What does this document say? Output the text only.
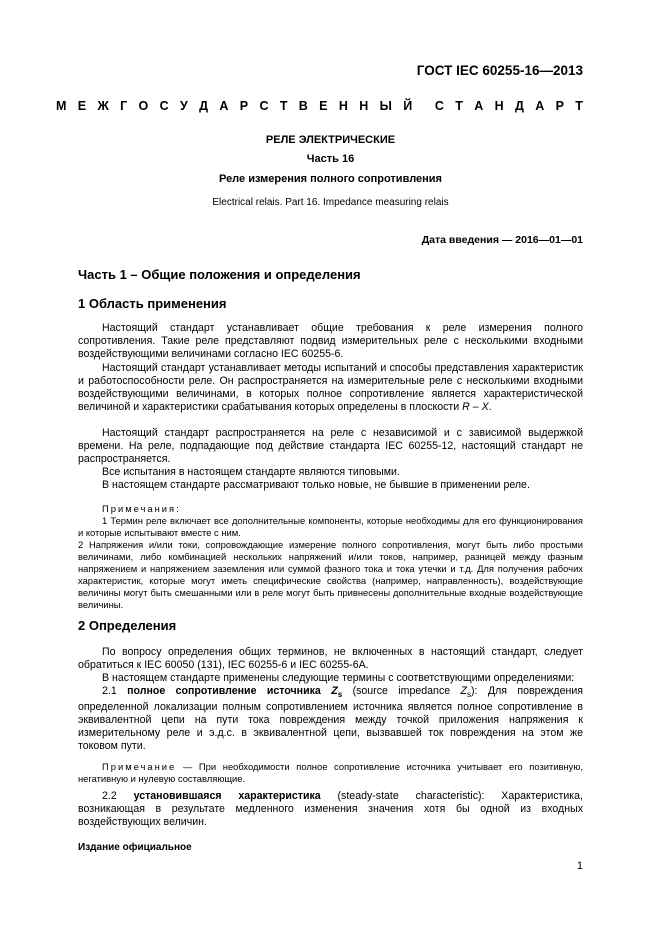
ГОСТ IEC 60255-16—2013
М Е Ж Г О С У Д А Р С Т В Е Н Н Ы Й С Т А Н Д А Р Т
РЕЛЕ ЭЛЕКТРИЧЕСКИЕ
Часть 16
Реле измерения полного сопротивления
Electrical relais. Part 16. Impedance measuring relais
Дата введения — 2016—01—01
Часть 1 – Общие положения и определения
1 Область применения
Настоящий стандарт устанавливает общие требования к реле измерения полного сопротивления. Такие реле представляют подвид измерительных реле с несколькими входными воздействующими величинами согласно IEC 60255-6.
Настоящий стандарт устанавливает методы испытаний и способы представления характеристик и работоспособности реле. Он распространяется на измерительные реле с несколькими входными воздействующими величинами, в которых полное сопротивление является характеристической величиной и характеристики срабатывания которых определены в плоскости R – X.
Настоящий стандарт распространяется на реле с независимой и с зависимой выдержкой времени. На реле, подпадающие под действие стандарта IEC 60255-12, настоящий стандарт не распространяется.
Все испытания в настоящем стандарте являются типовыми.
В настоящем стандарте рассматривают только новые, не бывшие в применении реле.
Примечания:
1 Термин реле включает все дополнительные компоненты, которые необходимы для его функционирования и которые испытывают вместе с ним.
2 Напряжения и/или токи, сопровождающие измерение полного сопротивления, могут быть либо простыми величинами, либо комбинацией нескольких напряжений и/или токов, например, разницей между фазным напряжением и напряжением заземления или суммой фазного тока и тока утечки и т.д. Для получения рабочих характеристик, которые могут иметь специфические свойства (например, направленность), воздействующие величины могут быть смешанными или в реле могут быть привнесены дополнительные входные воздействующие величины.
2 Определения
По вопросу определения общих терминов, не включенных в настоящий стандарт, следует обратиться к IEC 60050 (131), IEC 60255-6 и IEC 60255-6A.
В настоящем стандарте применены следующие термины с соответствующими определениями:
2.1 полное сопротивление источника $Z_s$ (source impedance $Z_s$): Для повреждения определенной локализации полным сопротивлением источника является полное сопротивление в эквивалентной цепи на пути тока повреждения между точкой приложения напряжения к измерительному реле и э.д.с. в эквивалентной цепи, вызвавшей ток повреждения на этом же токовом пути.
Примечание — При необходимости полное сопротивление источника учитывает его позитивную, негативную и нулевую составляющие.
2.2 установившаяся характеристика (steady-state characteristic): Характеристика, возникающая в результате медленного изменения значения хотя бы одной из входных воздействующих величин.
Издание официальное
1
